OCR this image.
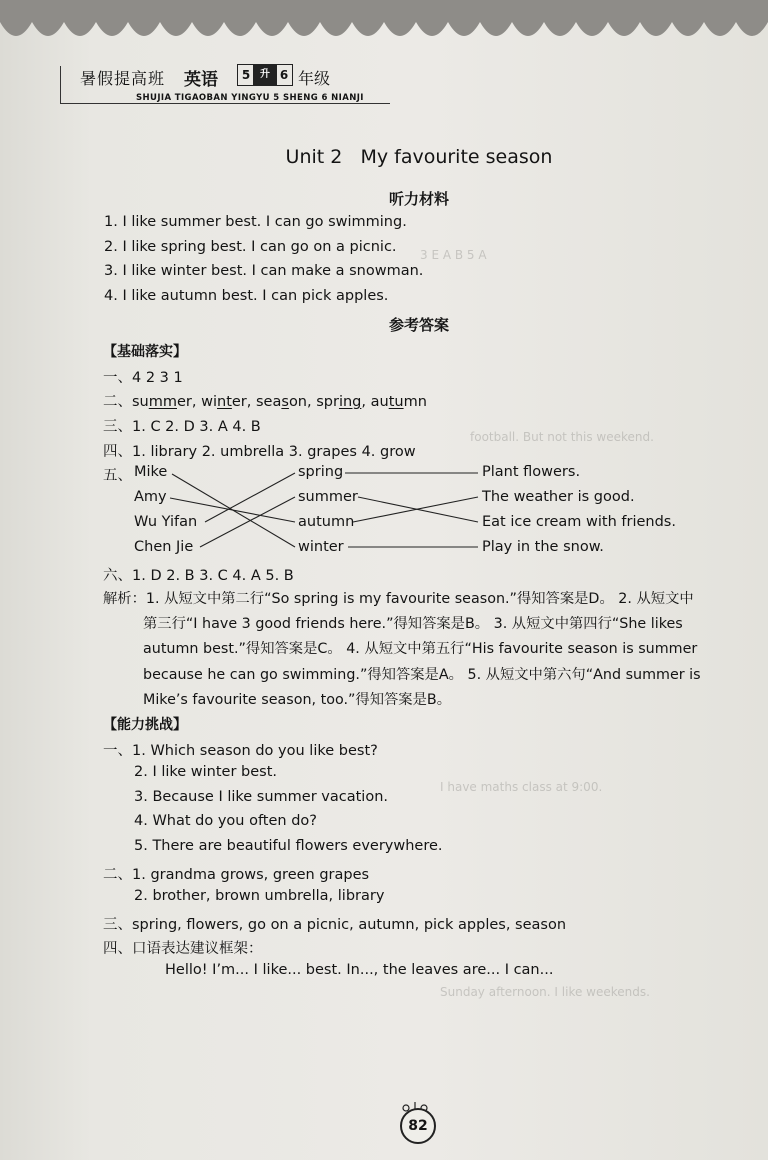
暑假提高班 英语	5 升 6 年级
SHUJIA TIGAOBAN YINGYU 5 SHENG 6 NIANJI
3 E A B 5 A
football. But not this weekend.
I have maths class at 9:00.
Sunday afternoon. I like weekends.
Unit 2   My favourite season
听力材料
1. I like summer best. I can go swimming.
2. I like spring best. I can go on a picnic.
3. I like winter best. I can make a snowman.
4. I like autumn best. I can pick apples.
参考答案
【基础落实】
一、4 2 3 1
二、summer, winter, season, spring, autumn
三、1. C 2. D 3. A 4. B
四、1. library 2. umbrella 3. grapes 4. grow
五、 Mike
Amy
Wu Yifan
Chen Jie
spring
summer
autumn
winter
Plant flowers.
The weather is good.
Eat ice cream with friends.
Play in the snow.
六、1. D 2. B 3. C 4. A 5. B
解析：1. 从短文中第二行“So spring is my favourite season.”得知答案是D。 2. 从短文中
第三行“I have 3 good friends here.”得知答案是B。 3. 从短文中第四行“She likes
autumn best.”得知答案是C。 4. 从短文中第五行“His favourite season is summer
because he can go swimming.”得知答案是A。 5. 从短文中第六句“And summer is
Mike’s favourite season, too.”得知答案是B。
【能力挑战】
一、1. Which season do you like best?
2. I like winter best.
3. Because I like summer vacation.
4. What do you often do?
5. There are beautiful flowers everywhere.
二、1. grandma grows, green grapes
2. brother, brown umbrella, library
三、spring, flowers, go on a picnic, autumn, pick apples, season
四、口语表达建议框架：
Hello! I’m... I like... best. In..., the leaves are... I can...
82
